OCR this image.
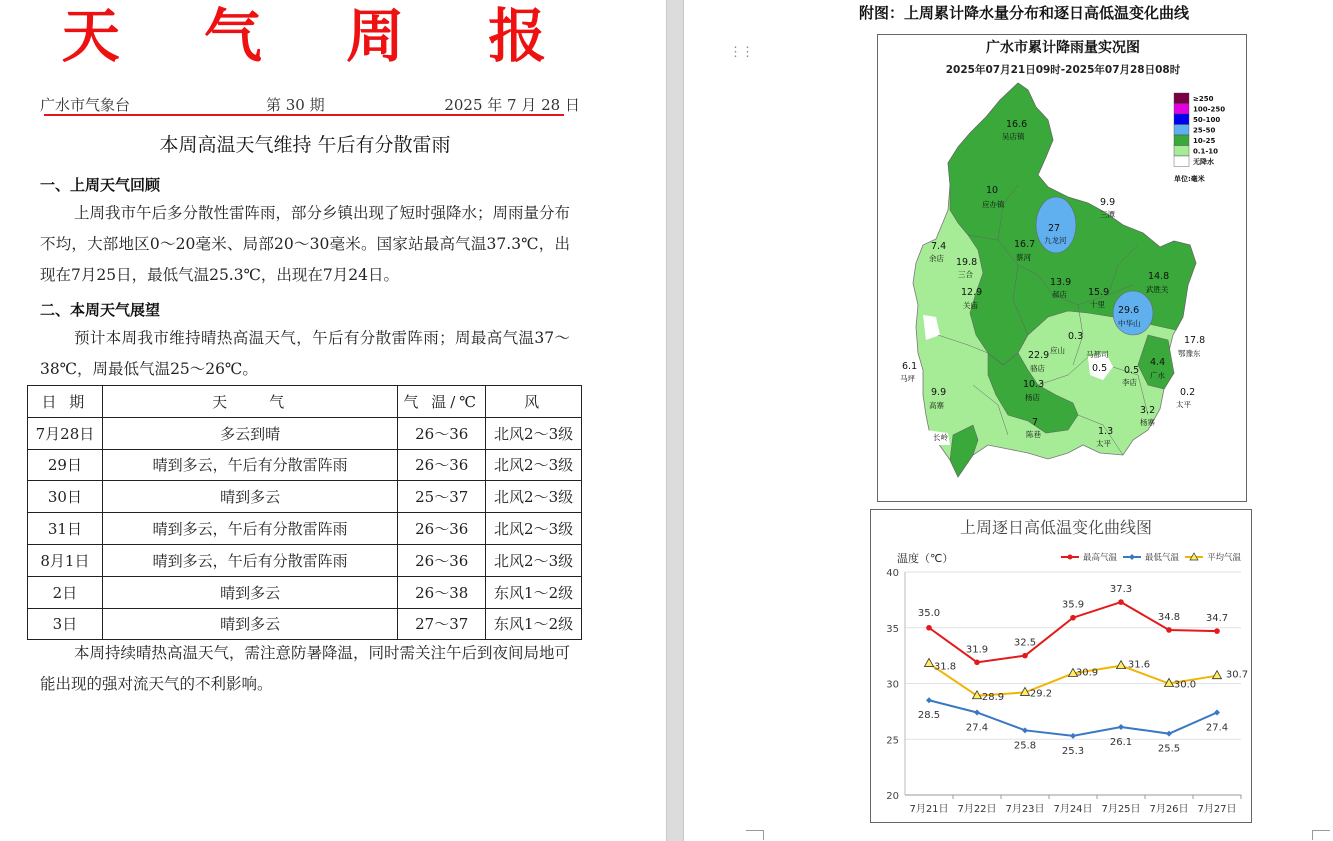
天 气 周 报
广水市气象台	第 30 期	2025 年 7 月 28 日
本周高温天气维持 午后有分散雷雨
一、上周天气回顾

上周我市午后多分散性雷阵雨，部分乡镇出现了短时强降水；周雨量分布不均，大部地区0～20毫米、局部20～30毫米。国家站最高气温37.3℃，出现在7月25日，最低气温25.3℃，出现在7月24日。

二、本周天气展望

预计本周我市维持晴热高温天气，午后有分散雷阵雨；周最高气温37～38℃，周最低气温25～26℃。

日 期	天　　气	气 温/℃	风
7月28日	多云到晴	26～36	北风2～3级
29日	晴到多云，午后有分散雷阵雨	26～36	北风2～3级
30日	晴到多云	25～37	北风2～3级
31日	晴到多云，午后有分散雷阵雨	26～36	北风2～3级
8月1日	晴到多云，午后有分散雷阵雨	26～36	北风2～3级
2日	晴到多云	26～38	东风1～2级
3日	晴到多云	27～37	东风1～2级

本周持续晴热高温天气，需注意防暑降温，同时需关注午后到夜间局地可能出现的强对流天气的不利影响。

附图：上周累计降水量分布和逐日高低温变化曲线
⋮⋮	广水市累计降雨量实况图
2025年07月21日09时-2025年07月28日08时
16.6
吴店镇
10
应办镇	9.9
三潭
27
九龙河
7.4
余店
16.7
蔡河
19.8
三合
12.9
关庙
13.9
郝店 15.9
十里
14.8
武胜关
29.6
中华山
17.8
鄂豫东
0.3
应山
0.5
马都司
22.9
骆店
6.1
马坪
0.5
李店
4.4
广水
10.3
杨店
9.9
高寨
0.2
太平
3.2
杨寨
7
陈巷	1.3
太平
长岭
≥250
100-250
50-100
25-50
10-25
0.1-10
无降水
单位:毫米
上周逐日高低温变化曲线图
温度（℃）	最高气温	最低气温	平均气温
20
25
30
35
40
7月21日 7月22日 7月23日 7月24日 7月25日 7月26日 7月27日
35.0
31.9
32.5
35.9
37.3
34.8	34.7
28.5
27.4
25.8
25.3
26.1
25.5
27.4
31.8
28.9	29.2
30.9
31.6
30.0
30.7
